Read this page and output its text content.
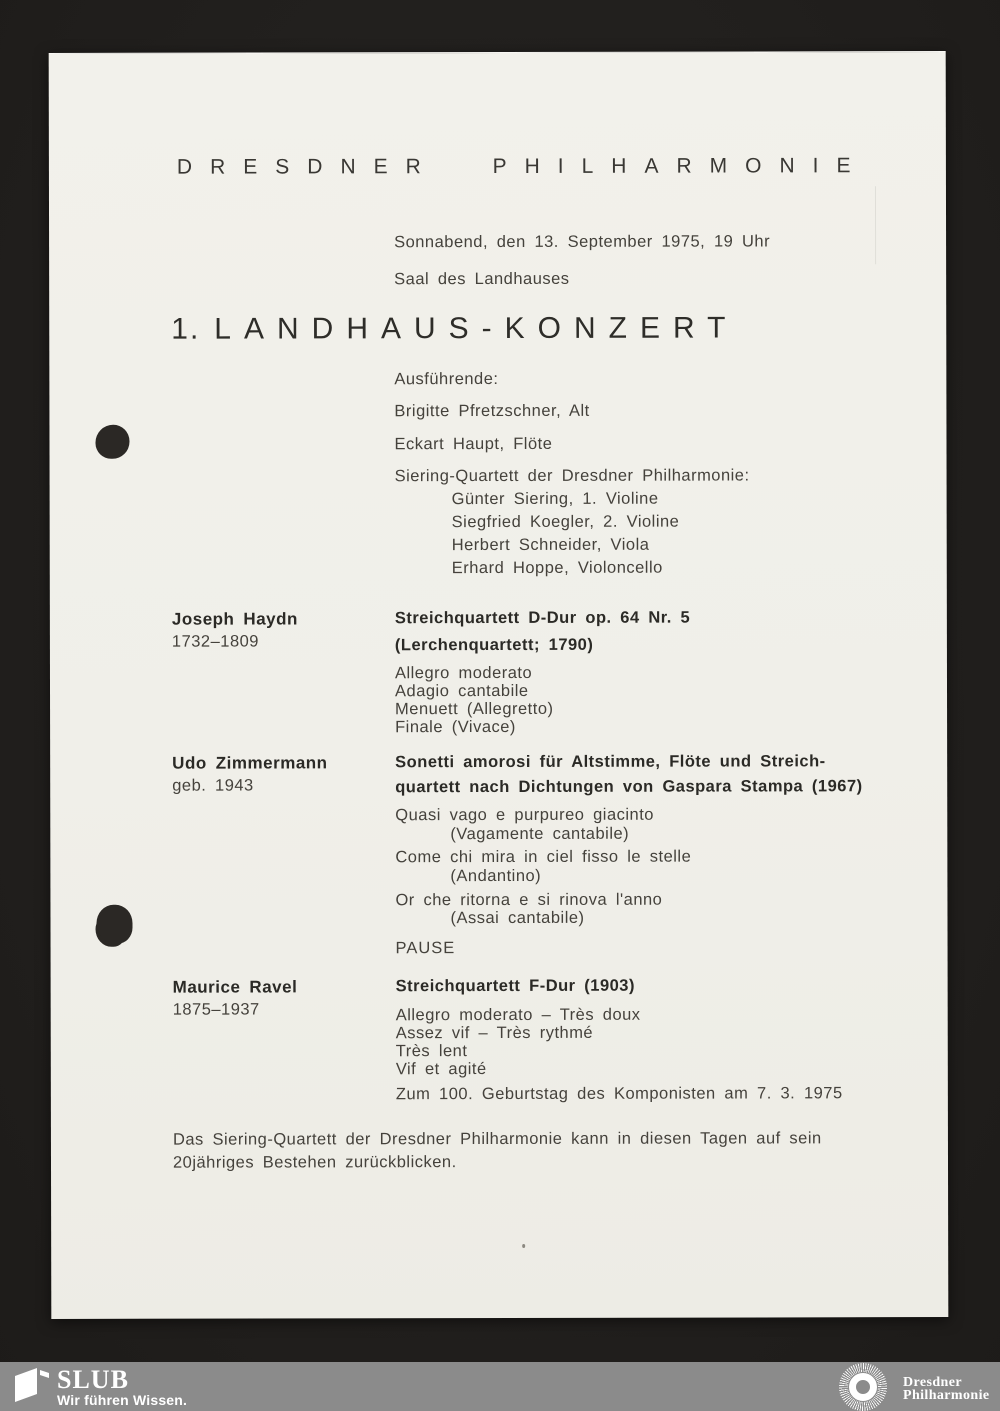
DRESDNER PHILHARMONIE
Sonnabend, den 13. September 1975, 19 Uhr
Saal des Landhauses
1. LANDHAUS-KONZERT
Ausführende:
Brigitte Pfretzschner, Alt
Eckart Haupt, Flöte
Siering-Quartett der Dresdner Philharmonie:
Günter Siering, 1. Violine
Siegfried Koegler, 2. Violine
Herbert Schneider, Viola
Erhard Hoppe, Violoncello
Joseph Haydn
1732–1809
Streichquartett D-Dur op. 64 Nr. 5
(Lerchenquartett; 1790)
Allegro moderato
Adagio cantabile
Menuett (Allegretto)
Finale (Vivace)
Udo Zimmermann
geb. 1943
Sonetti amorosi für Altstimme, Flöte und Streich-
quartett nach Dichtungen von Gaspara Stampa (1967)
Quasi vago e purpureo giacinto
(Vagamente cantabile)
Come chi mira in ciel fisso le stelle
(Andantino)
Or che ritorna e si rinova l'anno
(Assai cantabile)
PAUSE
Maurice Ravel
1875–1937
Streichquartett F-Dur (1903)
Allegro moderato – Très doux
Assez vif – Très rythmé
Très lent
Vif et agité
Zum 100. Geburtstag des Komponisten am 7. 3. 1975
Das Siering-Quartett der Dresdner Philharmonie kann in diesen Tagen auf sein
20jähriges Bestehen zurückblicken.
SLUB
Wir führen Wissen.
Dresdner
Philharmonie
